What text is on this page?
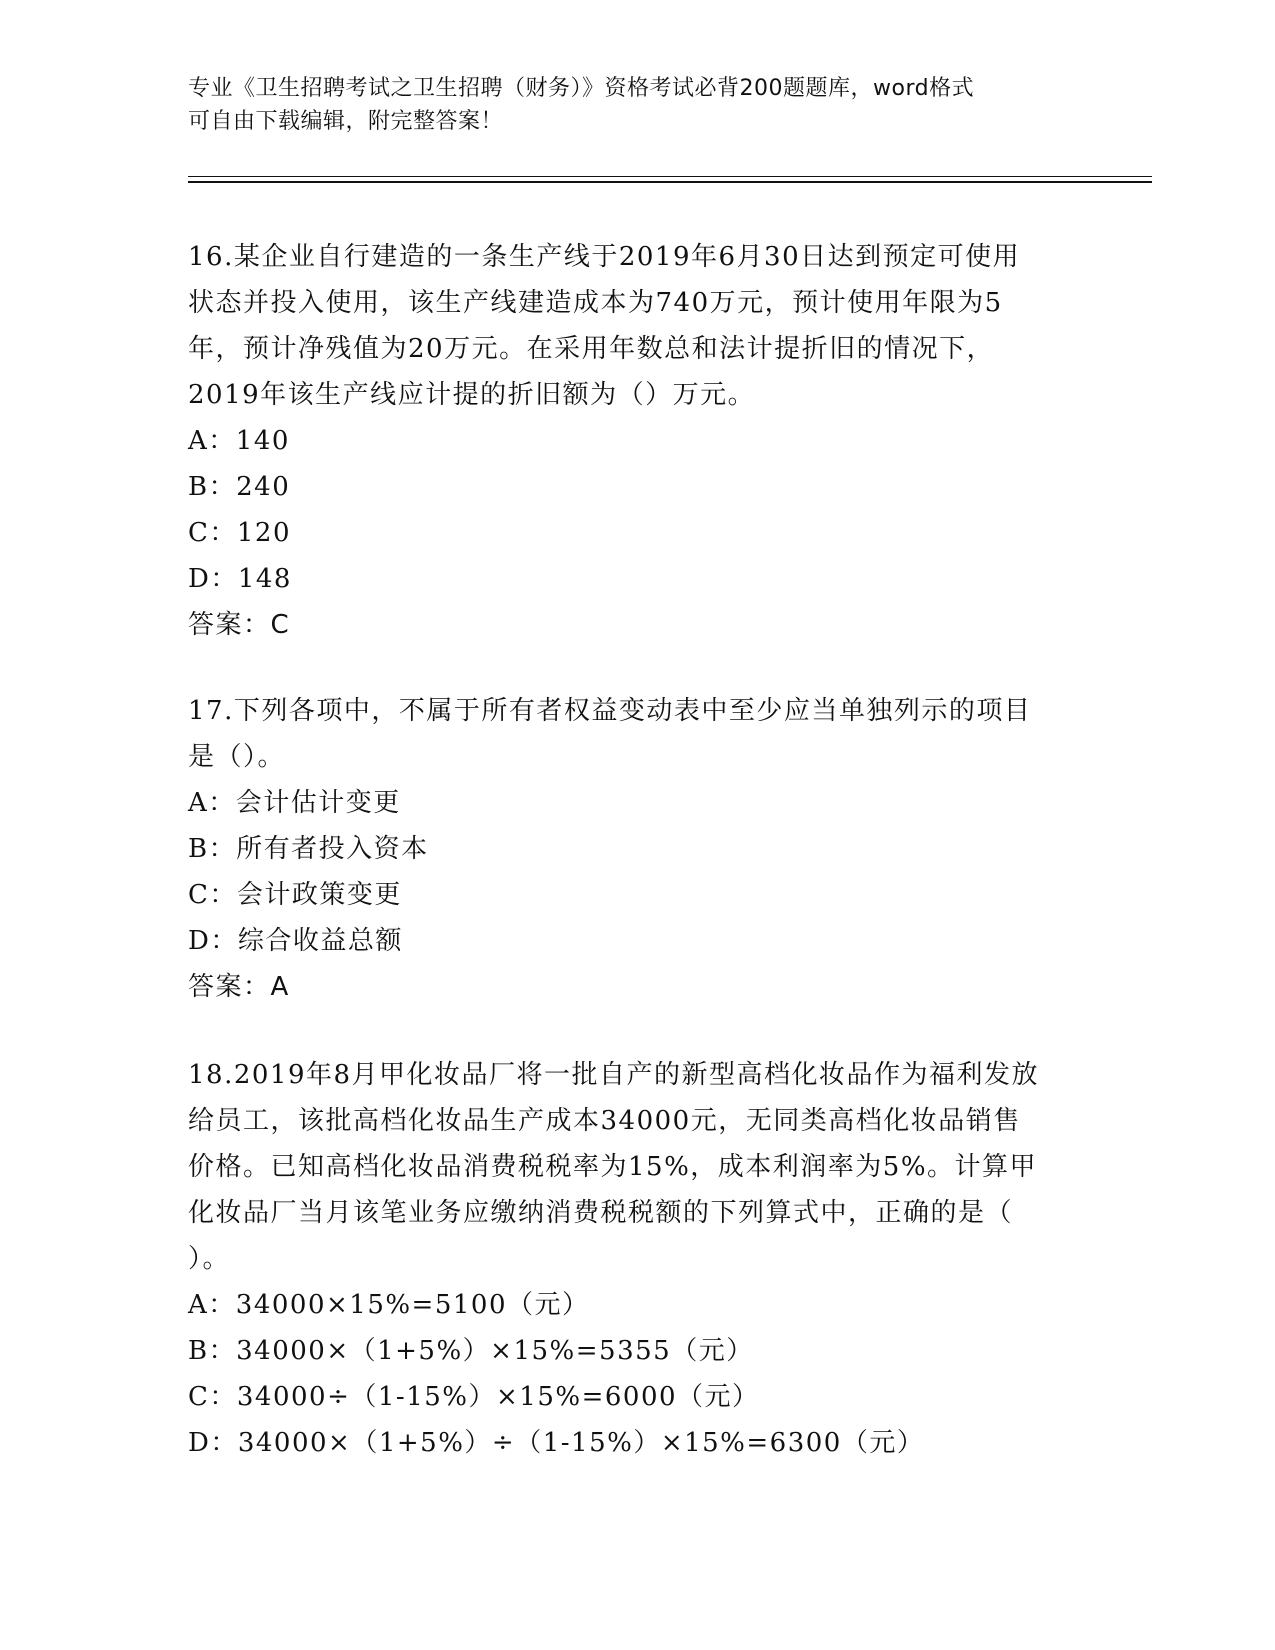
专业《卫生招聘考试之卫生招聘（财务）》资格考试必背200题题库，word格式
可自由下载编辑，附完整答案！
16.某企业自行建造的一条生产线于2019年6月30日达到预定可使用
状态并投入使用，该生产线建造成本为740万元，预计使用年限为5
年，预计净残值为20万元。在采用年数总和法计提折旧的情况下，
2019年该生产线应计提的折旧额为（）万元。
A：140
B：240
C：120
D：148
答案：C
17.下列各项中，不属于所有者权益变动表中至少应当单独列示的项目
是（）。
A：会计估计变更
B：所有者投入资本
C：会计政策变更
D：综合收益总额
答案：A
18.2019年8月甲化妆品厂将一批自产的新型高档化妆品作为福利发放
给员工，该批高档化妆品生产成本34000元，无同类高档化妆品销售
价格。已知高档化妆品消费税税率为15%，成本利润率为5%。计算甲
化妆品厂当月该笔业务应缴纳消费税税额的下列算式中，正确的是（
）。
A：34000×15%=5100（元）
B：34000×（1+5%）×15%=5355（元）
C：34000÷（1-15%）×15%=6000（元）
D：34000×（1+5%）÷（1-15%）×15%=6300（元）
